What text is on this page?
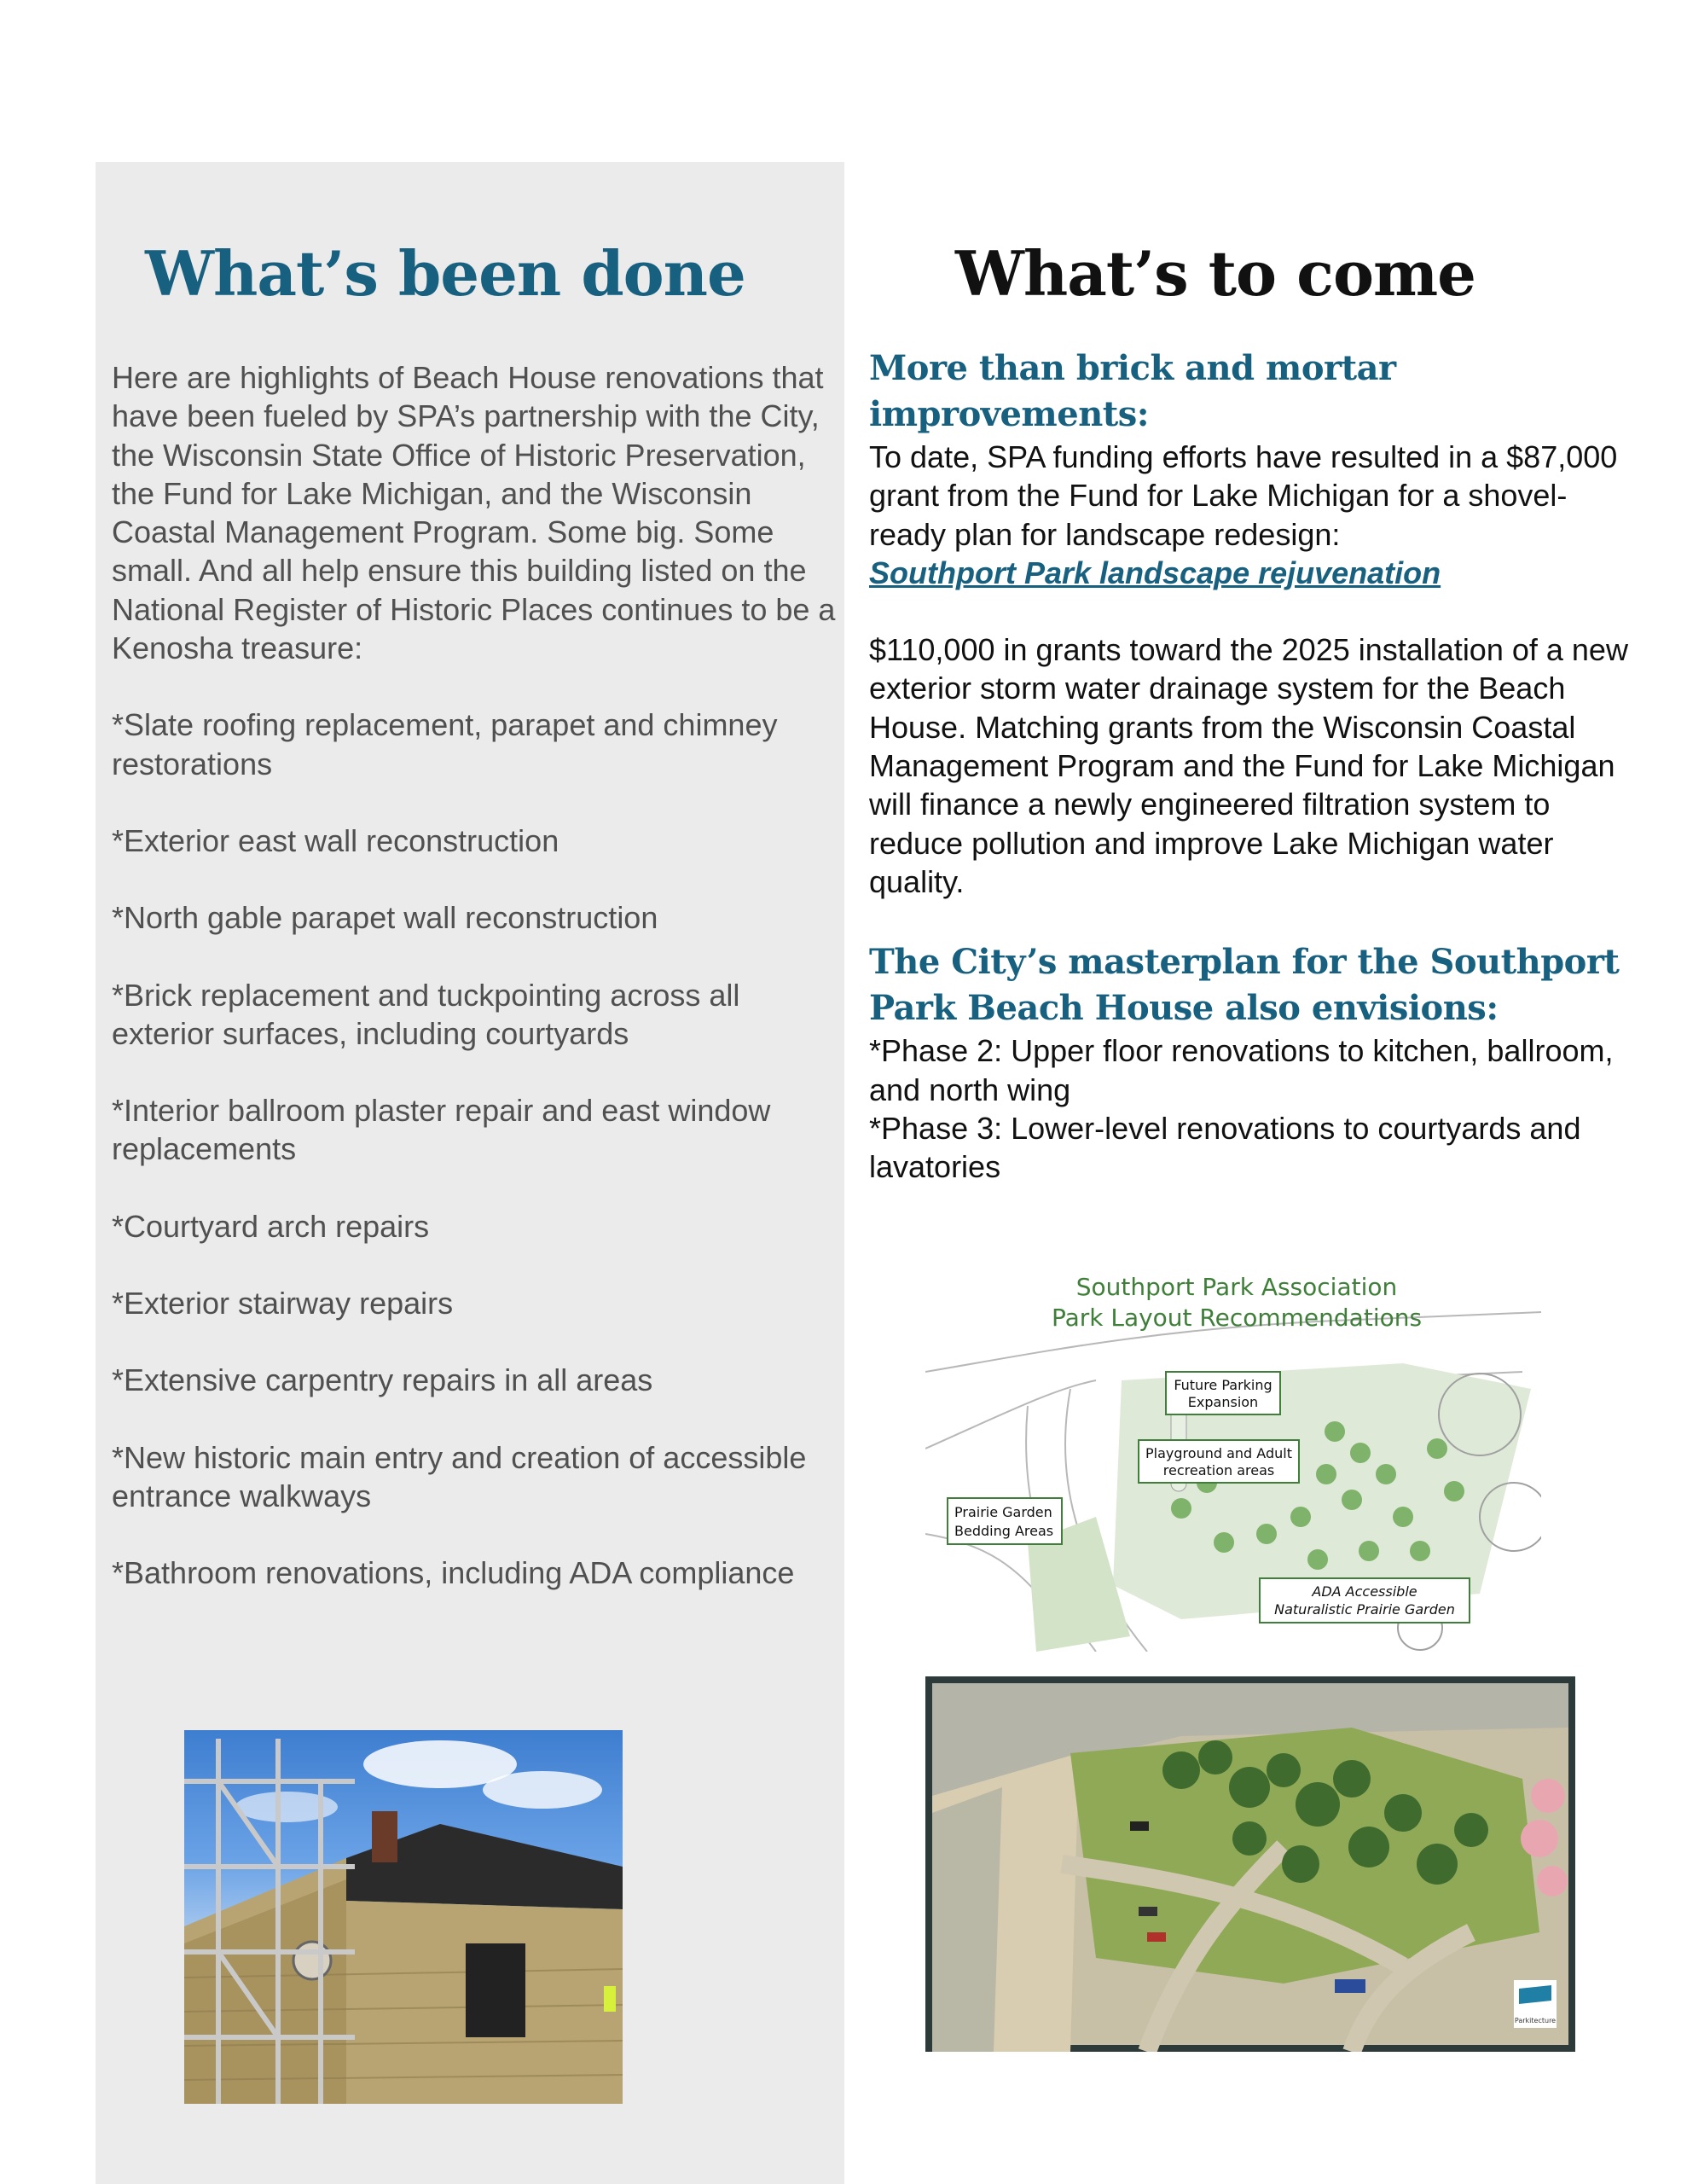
What’s been done	What’s to come

Here are highlights of Beach House renovations that have been fueled by SPA’s partnership with the City, the Wisconsin State Office of Historic Preservation, the Fund for Lake Michigan, and the Wisconsin Coastal Management Program. Some big. Some small. And all help ensure this building listed on the National Register of Historic Places continues to be a Kenosha treasure:

*Slate roofing replacement, parapet and chimney restorations

*Exterior east wall reconstruction

*North gable parapet wall reconstruction

*Brick replacement and tuckpointing across all exterior surfaces, including courtyards

*Interior ballroom plaster repair and east window replacements

*Courtyard arch repairs

*Exterior stairway repairs

*Extensive carpentry repairs in all areas

*New historic main entry and creation of accessible entrance walkways

*Bathroom renovations, including ADA compliance

More than brick and mortar improvements:

To date, SPA funding efforts have resulted in a $87,000 grant from the Fund for Lake Michigan for a shovel-ready plan for landscape redesign:
Southport Park landscape rejuvenation

$110,000 in grants toward the 2025 installation of a new exterior storm water drainage system for the Beach House. Matching grants from the Wisconsin Coastal Management Program and the Fund for Lake Michigan will finance a newly engineered filtration system to reduce pollution and improve Lake Michigan water quality.

The City’s masterplan for the Southport Park Beach House also envisions:

*Phase 2: Upper floor renovations to kitchen, ballroom, and north wing

*Phase 3: Lower-level renovations to courtyards and lavatories

Southport Park Association
Park Layout Recommendations
Future Parking
Expansion
Playground and Adult
recreation areas
Prairie Garden
Bedding Areas
ADA Accessible
Naturalistic Prairie Garden
Parkitecture
